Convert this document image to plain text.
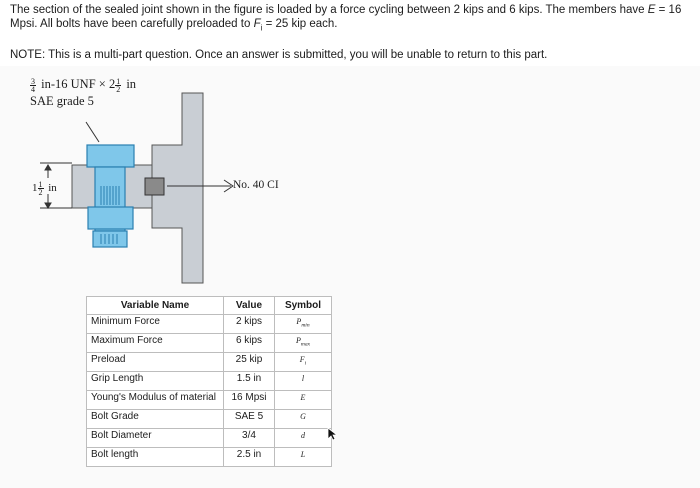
The section of the sealed joint shown in the figure is loaded by a force cycling between 2 kips and 6 kips. The members have E = 16 Mpsi. All bolts have been carefully preloaded to $F_i = 25$ kip each.
NOTE: This is a multi-part question. Once an answer is submitted, you will be unable to return to this part.
$\frac{3}{4} in-16$ UNF × $2 \frac{1}{2}$ in
SAE grade 5
$1 \frac{1}{2}$ in	No. 40 CI
Variable Name	Value	Symbol
Minimum Force	2 kips	$P_{min}$
Maximum Force	6 kips	$P_{max}$
Preload	25 kip	$F_i$
Grip Length	1.5 in	l
Young's Modulus of material	16 Mpsi	E
Bolt Grade	SAE 5	G
Bolt Diameter	3/4	d
Bolt length	2.5 in	L
